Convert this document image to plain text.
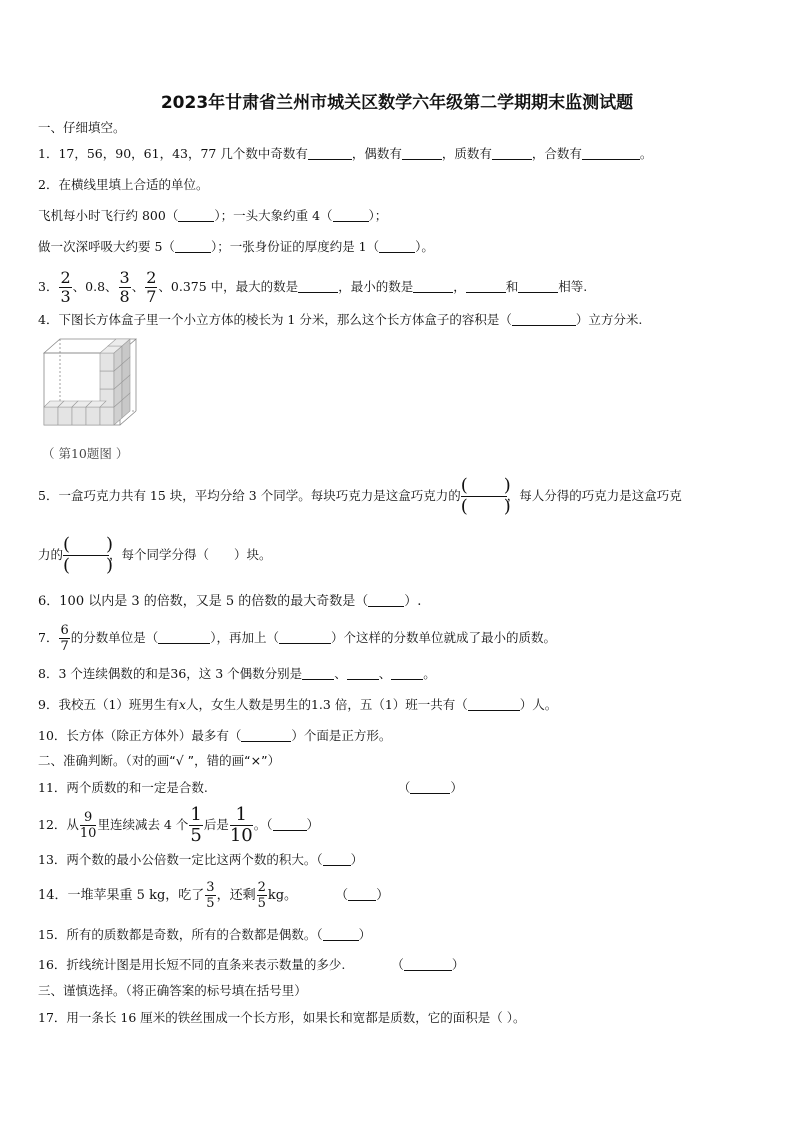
2023年甘肃省兰州市城关区数学六年级第二学期期末监测试题
一、仔细填空。
1．17，56，90，61，43，77 几个数中奇数有	，偶数有	，质数有	，合数有	。
2．在横线里填上合适的单位。
飞机每小时飞行约 800（	）；一头大象约重 4（	）；
做一次深呼吸大约要 5（	）；一张身份证的厚度约是 1（	）。
3． $\frac{2}{3}$ 、0.8、 $\frac{3}{8}$ 、 $\frac{2}{7}$ 、0.375 中，最大的数是	，最小的数是	，	和	相等.
4．下图长方体盒子里一个小立方体的棱长为 1 分米，那么这个长方体盒子的容积是（	）立方分米.
（ 第10题图 ）
5．一盒巧克力共有 15 块，平均分给 3 个同学。每块巧克力是这盒巧克力的 $\frac{( )}{( )}$ ，每人分得的巧克力是这盒巧克
力的 $\frac{( )}{( )}$ ，每个同学分得（　　）块。
6．100 以内是 3 的倍数，又是 5 的倍数的最大奇数是（	）.
7． $\frac{6}{7}$ 的分数单位是（	），再加上（	）个这样的分数单位就成了最小的质数。
8．3 个连续偶数的和是36，这 3 个偶数分别是	、	、	。
9．我校五（1）班男生有x人，女生人数是男生的1.3 倍，五（1）班一共有（	）人。
10．长方体（除正方体外）最多有（	）个面是正方形。
二、准确判断。（对的画“√ ”，错的画“×”）
11．两个质数的和一定是合数.	（	）
12．从 $\frac{9}{10}$ 里连续减去 4 个 $\frac{1}{5}$ 后是 $\frac{1}{10}$ 。（	）
13．两个数的最小公倍数一定比这两个数的积大。（ ）
14．一堆苹果重 5 kg，吃了 $\frac{3}{5}$ ，还剩 $\frac{2}{5}$ kg。	（ ）
15．所有的质数都是奇数，所有的合数都是偶数。（	）
16．折线统计图是用长短不同的直条来表示数量的多少.	（	）
三、谨慎选择。（将正确答案的标号填在括号里）
17．用一条长 16 厘米的铁丝围成一个长方形，如果长和宽都是质数，它的面积是（ ）。
